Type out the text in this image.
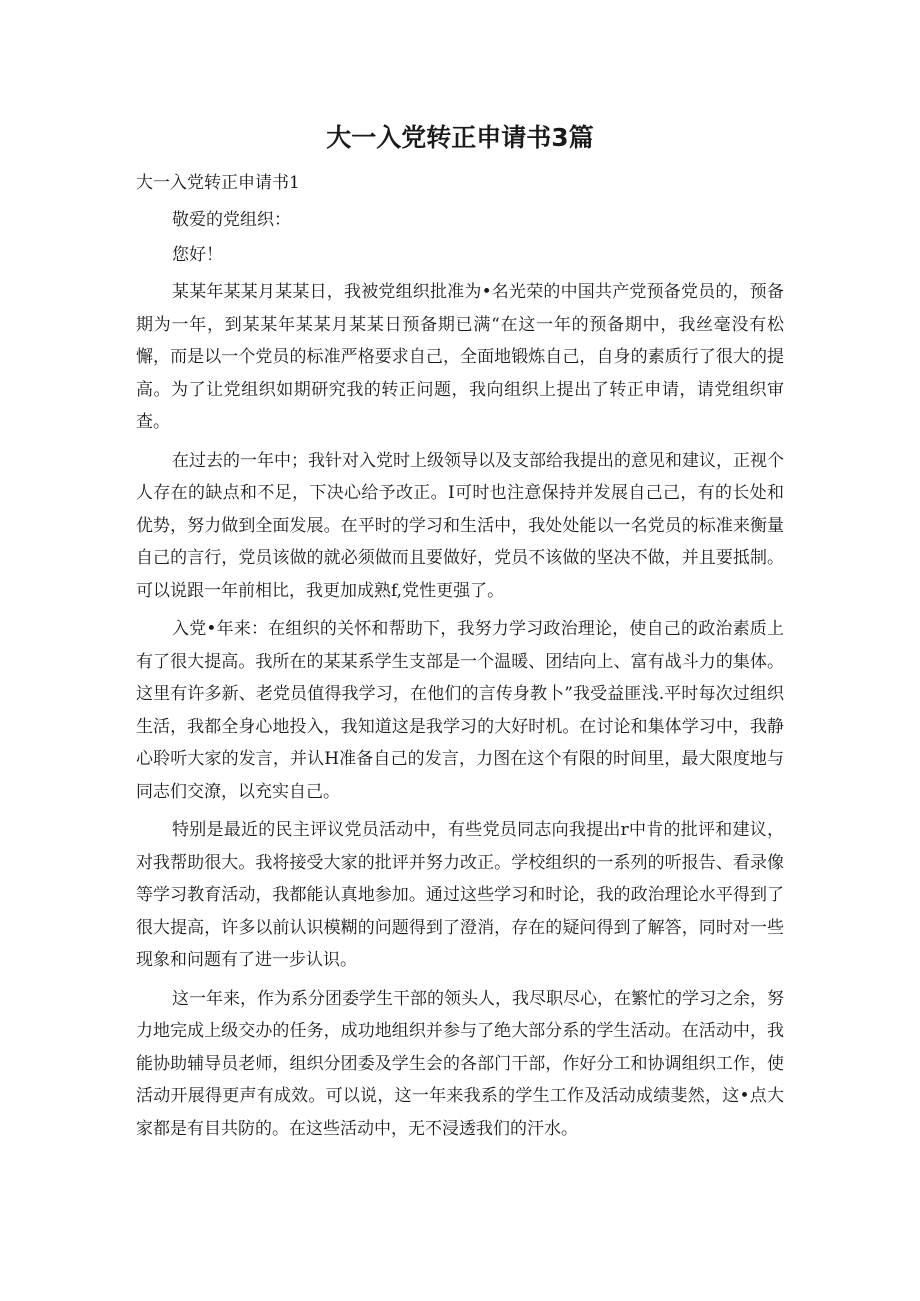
大一入党转正申请书3篇

大一入党转正申请书1

敬爱的党组织：

您好！

某某年某某月某某日，我被党组织批准为•名光荣的中国共产党预备党员的，预备期为一年，到某某年某某月某某日预备期已满“在这一年的预备期中，我丝毫没有松懈，而是以一个党员的标准严格要求自己，全面地锻炼自己，自身的素质行了很大的提高。为了让党组织如期研究我的转正问题，我向组织上提出了转正申请，请党组织审查。

在过去的一年中；我针对入党时上级领导以及支部给我提出的意见和建议，正视个人存在的缺点和不足，下决心给予改正。I可时也注意保持并发展自己己，有的长处和优势，努力做到全面发展。在平时的学习和生活中，我处处能以一名党员的标准来衡量自己的言行，党员该做的就必须做而且要做好，党员不该做的坚决不做，并且要抵制。可以说跟一年前相比，我更加成熟f,党性更强了。

入党•年来：在组织的关怀和帮助下，我努力学习政治理论，使自己的政治素质上有了很大提高。我所在的某某系学生支部是一个温暖、团结向上、富有战斗力的集体。这里有许多新、老党员值得我学习，在他们的言传身教卜”我受益匪浅.平时每次过组织生活，我都全身心地投入，我知道这是我学习的大好时机。在讨论和集体学习中，我静心聆听大家的发言，并认H准备自己的发言，力图在这个有限的时间里，最大限度地与同志们交潦，以充实自己。

特别是最近的民主评议党员活动中，有些党员同志向我提出r中肯的批评和建议，对我帮助很大。我将接受大家的批评并努力改正。学校组织的一系列的听报告、看录像等学习教育活动，我都能认真地参加。通过这些学习和时论，我的政治理论水平得到了很大提高，许多以前认识模糊的问题得到了澄消，存在的疑问得到了解答，同时对一些现象和问题有了进一步认识。

这一年来，作为系分团委学生干部的领头人，我尽职尽心，在繁忙的学习之余，努力地完成上级交办的任务，成功地组织并参与了绝大部分系的学生活动。在活动中，我能协助辅导员老师，组织分团委及学生会的各部门干部，作好分工和协调组织工作，使活动开展得更声有成效。可以说，这一年来我系的学生工作及活动成绩斐然，这•点大家都是有目共防的。在这些活动中，无不浸透我们的汗水。
